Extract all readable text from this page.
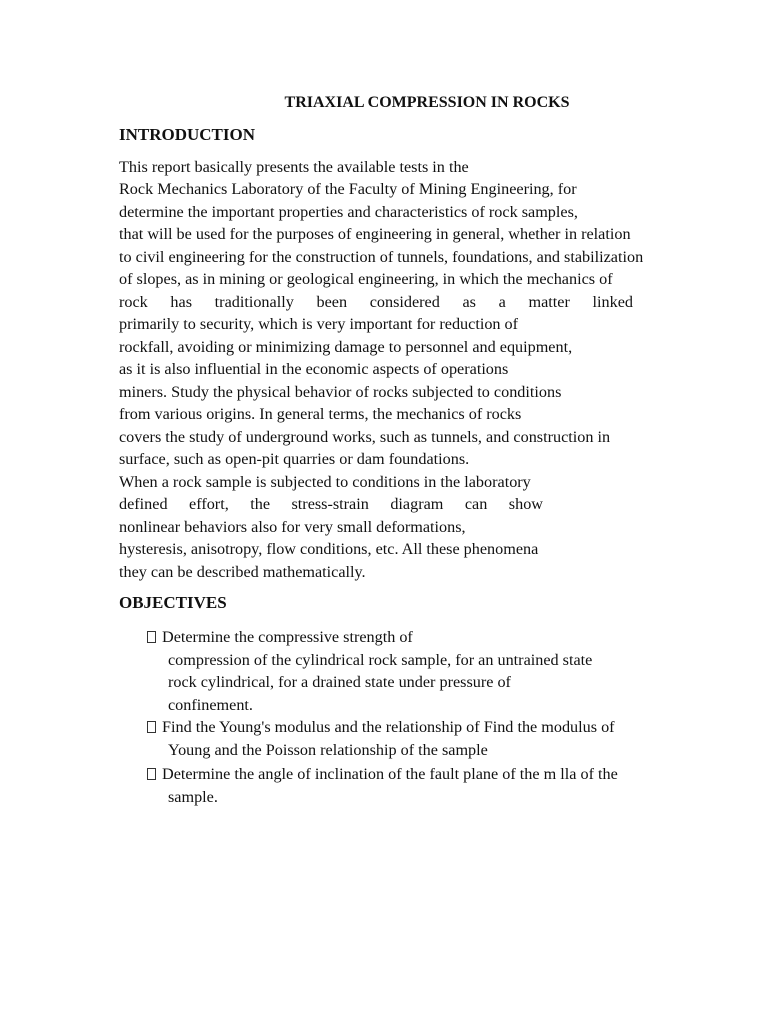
TRIAXIAL COMPRESSION IN ROCKS
INTRODUCTION
This report basically presents the available tests in the
Rock Mechanics Laboratory of the Faculty of Mining Engineering, for
determine the important properties and characteristics of rock samples,
that will be used for the purposes of engineering in general, whether in relation
to civil engineering for the construction of tunnels, foundations, and stabilization
of slopes, as in mining or geological engineering, in which the mechanics of
rock has traditionally been considered as a matter linked
primarily to security, which is very important for reduction of
rockfall, avoiding or minimizing damage to personnel and equipment,
as it is also influential in the economic aspects of operations
miners. Study the physical behavior of rocks subjected to conditions
from various origins. In general terms, the mechanics of rocks
covers the study of underground works, such as tunnels, and construction in
surface, such as open-pit quarries or dam foundations.
When a rock sample is subjected to conditions in the laboratory
defined effort, the stress-strain diagram can show
nonlinear behaviors also for very small deformations,
hysteresis, anisotropy, flow conditions, etc. All these phenomena
they can be described mathematically.
OBJECTIVES
Determine the compressive strength of
compression of the cylindrical rock sample, for an untrained state
rock cylindrical, for a drained state under pressure of
confinement.
Find the Young's modulus and the relationship of Find the modulus of
Young and the Poisson relationship of the sample
Determine the angle of inclination of the fault plane of the m lla of the
sample.
